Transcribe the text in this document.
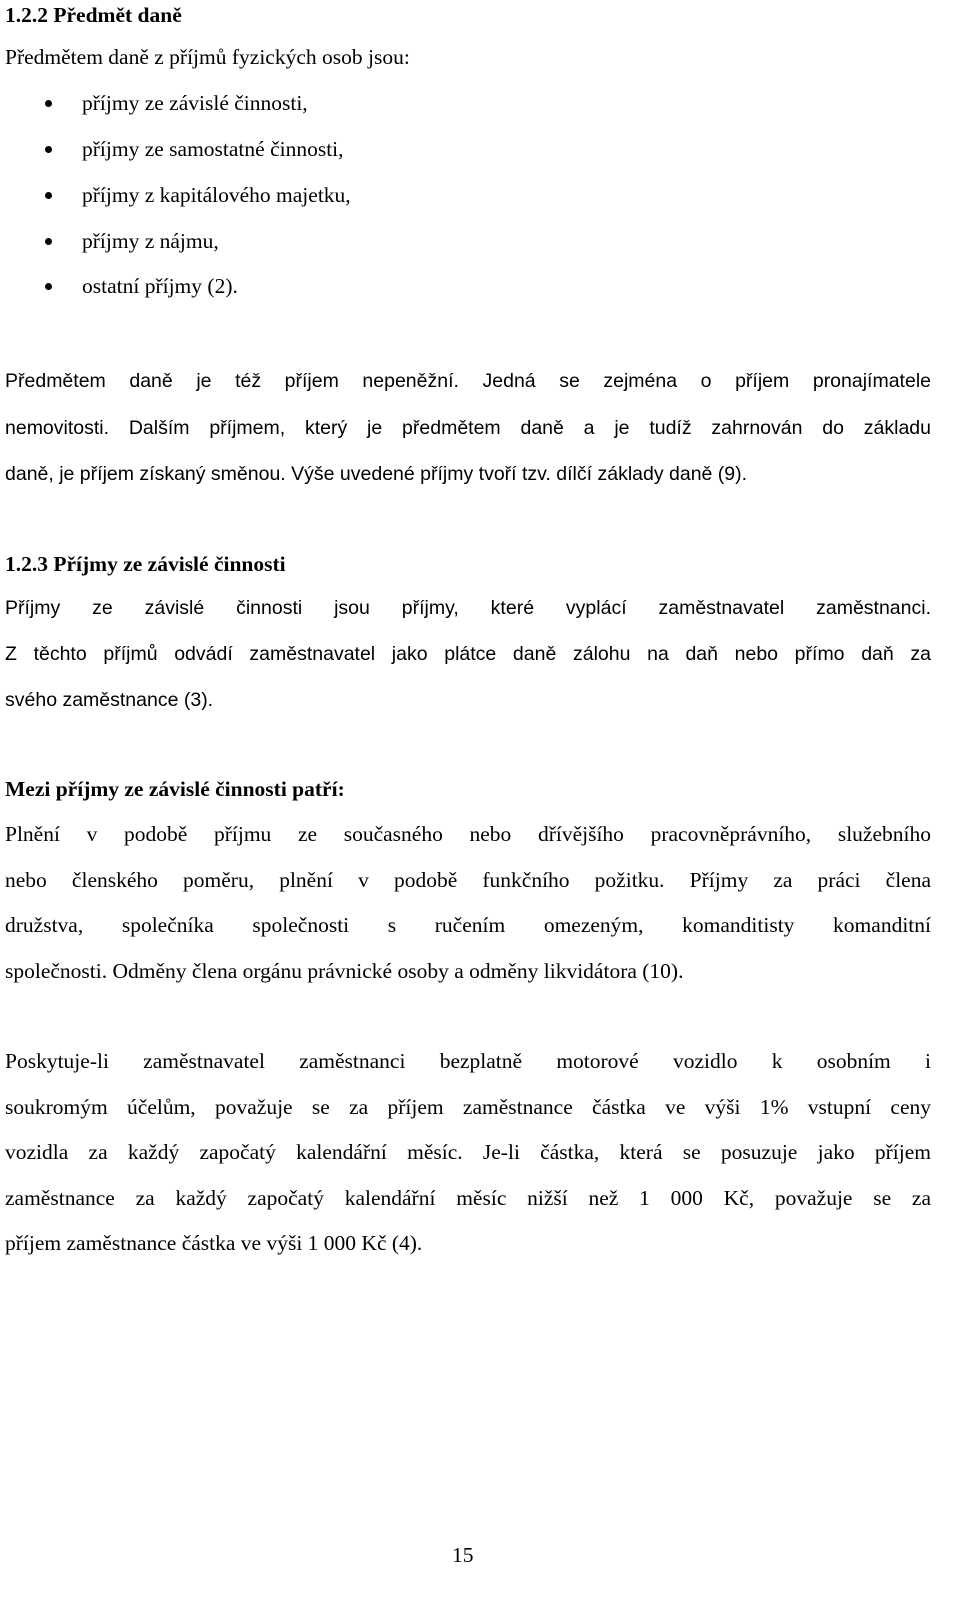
1.2.2 Předmět daně
Předmětem daně z příjmů fyzických osob jsou:
příjmy ze závislé činnosti,
příjmy ze samostatné činnosti,
příjmy z kapitálového majetku,
příjmy z nájmu,
ostatní příjmy (2).
Předmětem daně je též příjem nepeněžní. Jedná se zejména o příjem pronajímatele
nemovitosti. Dalším příjmem, který je předmětem daně a je tudíž zahrnován do základu
daně, je příjem získaný směnou. Výše uvedené příjmy tvoří tzv. dílčí základy daně (9).
1.2.3 Příjmy ze závislé činnosti
Příjmy ze závislé činnosti jsou příjmy, které vyplácí zaměstnavatel zaměstnanci.
Z těchto příjmů odvádí zaměstnavatel jako plátce daně zálohu na daň nebo přímo daň za
svého zaměstnance (3).
Mezi příjmy ze závislé činnosti patří:
Plnění v podobě příjmu ze současného nebo dřívějšího pracovněprávního, služebního
nebo členského poměru, plnění v podobě funkčního požitku. Příjmy za práci člena
družstva, společníka společnosti s ručením omezeným, komanditisty komanditní
společnosti. Odměny člena orgánu právnické osoby a odměny likvidátora (10).
Poskytuje-li zaměstnavatel zaměstnanci bezplatně motorové vozidlo k osobním i
soukromým účelům, považuje se za příjem zaměstnance částka ve výši 1% vstupní ceny
vozidla za každý započatý kalendářní měsíc. Je-li částka, která se posuzuje jako příjem
zaměstnance za každý započatý kalendářní měsíc nižší než 1 000 Kč, považuje se za
příjem zaměstnance částka ve výši 1 000 Kč (4).
15
